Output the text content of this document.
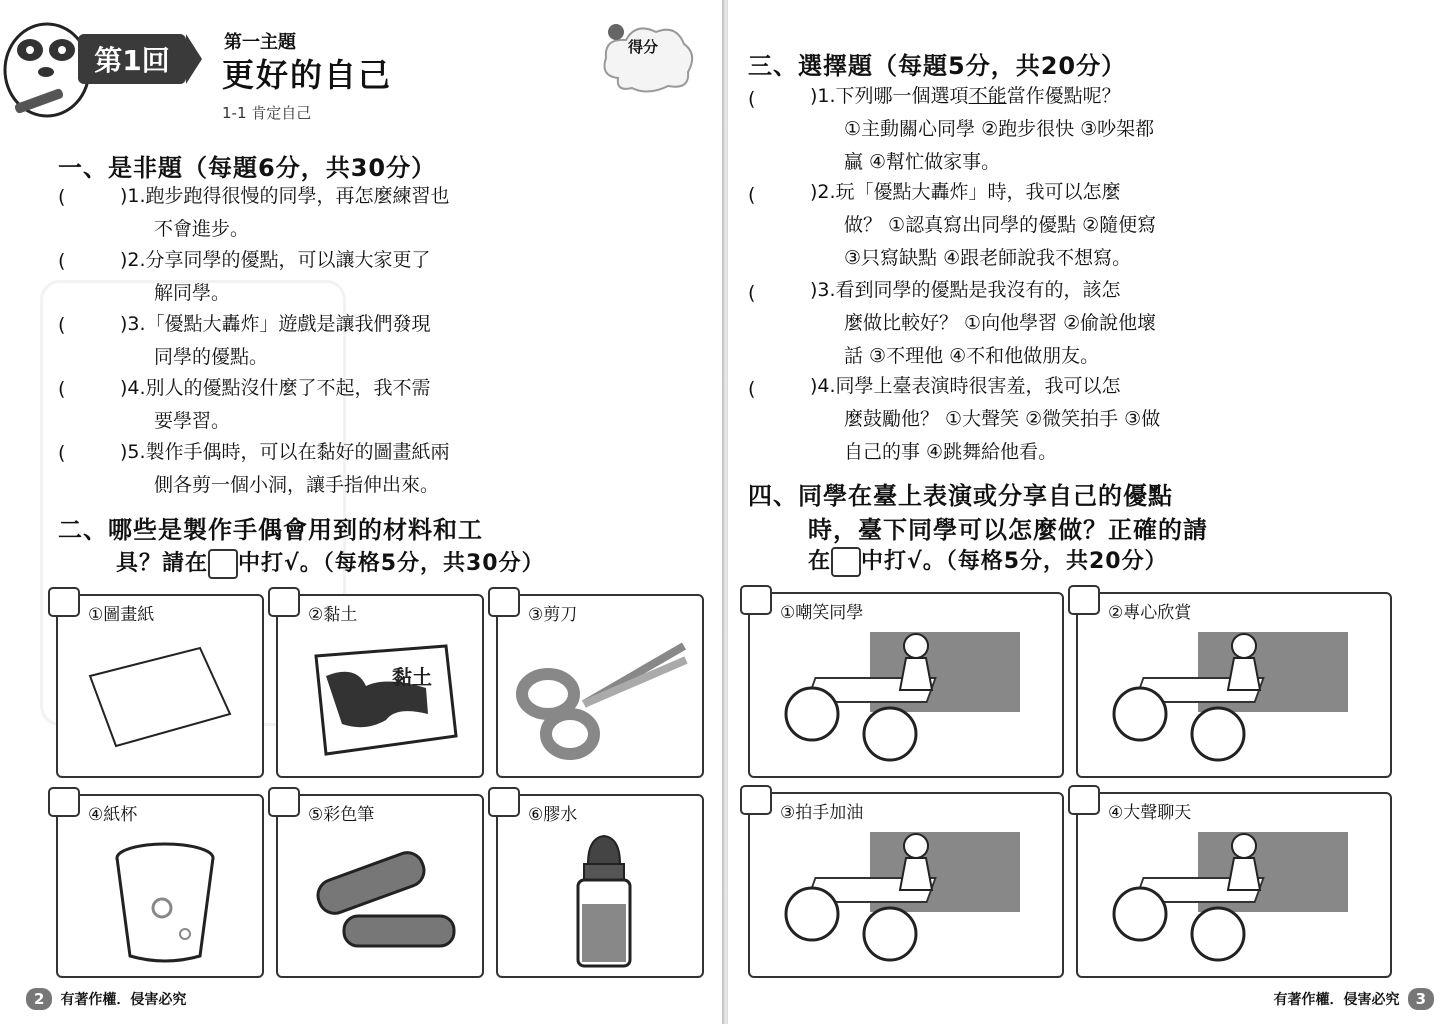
第1回
第一主題
更好的自己
1-1 肯定自己
得分
一、是非題（每題6分，共30分）
(	)1.跑步跑得很慢的同學，再怎麼練習也
不會進步。
(	)2.分享同學的優點，可以讓大家更了
解同學。
(	)3.「優點大轟炸」遊戲是讓我們發現
同學的優點。
(	)4.別人的優點沒什麼了不起，我不需
要學習。
(	)5.製作手偶時，可以在黏好的圖畫紙兩
側各剪一個小洞，讓手指伸出來。
二、哪些是製作手偶會用到的材料和工
具？請在 中打√。（每格5分，共30分）
①圖畫紙
黏土
②黏土	③剪刀
④紙杯	⑤彩色筆	⑥膠水
2	有著作權．侵害必究
三、選擇題（每題5分，共20分）
(	)1.下列哪一個選項不能當作優點呢？
①主動關心同學 ②跑步很快 ③吵架都
贏 ④幫忙做家事。
(	)2.玩「優點大轟炸」時，我可以怎麼
做？ ①認真寫出同學的優點 ②隨便寫
③只寫缺點 ④跟老師說我不想寫。
(	)3.看到同學的優點是我沒有的，該怎
麼做比較好？ ①向他學習 ②偷說他壞
話 ③不理他 ④不和他做朋友。
(	)4.同學上臺表演時很害羞，我可以怎
麼鼓勵他？ ①大聲笑 ②微笑拍手 ③做
自己的事 ④跳舞給他看。
四、同學在臺上表演或分享自己的優點
時，臺下同學可以怎麼做？正確的請
在 中打√。（每格5分，共20分）
①嘲笑同學	②專心欣賞
③拍手加油	④大聲聊天
有著作權．侵害必究	3
